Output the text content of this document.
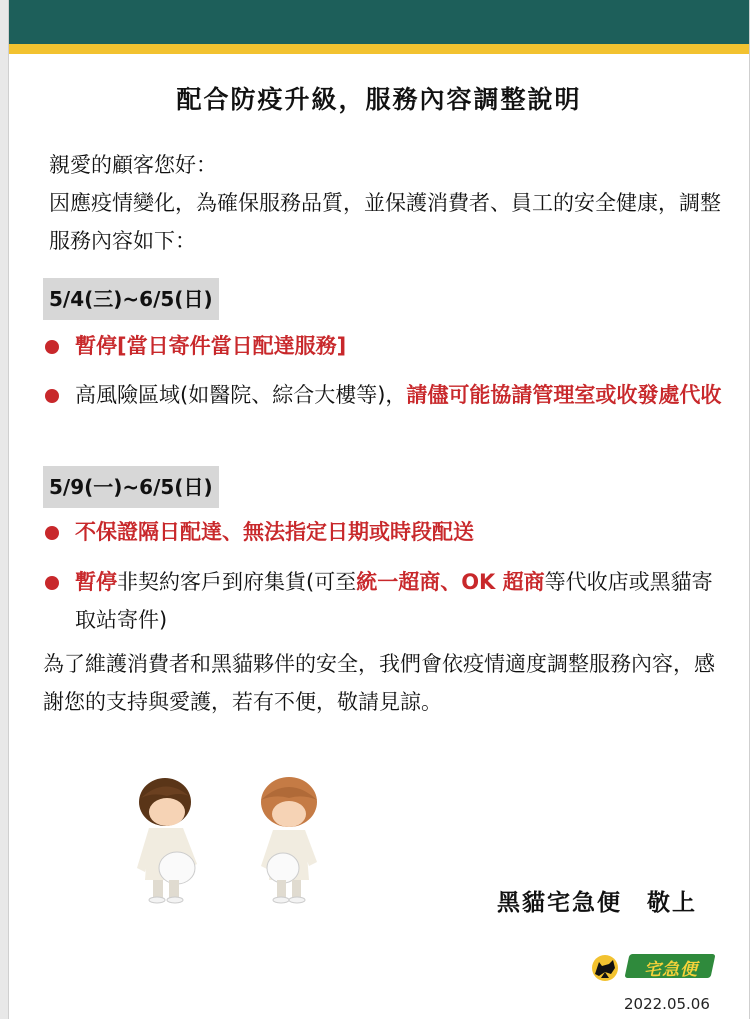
配合防疫升級，服務內容調整說明
親愛的顧客您好：
因應疫情變化，為確保服務品質，並保護消費者、員工的安全健康，調整服務內容如下：
5/4(三)~6/5(日)
暫停[當日寄件當日配達服務]
高風險區域(如醫院、綜合大樓等)，請儘可能協請管理室或收發處代收
5/9(一)~6/5(日)
不保證隔日配達、無法指定日期或時段配送
暫停非契約客戶到府集貨(可至統一超商、OK 超商等代收店或黑貓寄取站寄件)
為了維護消費者和黑貓夥伴的安全，我們會依疫情適度調整服務內容，感謝您的支持與愛護，若有不便，敬請見諒。
黑貓宅急便　敬上
宅急便
2022.05.06
